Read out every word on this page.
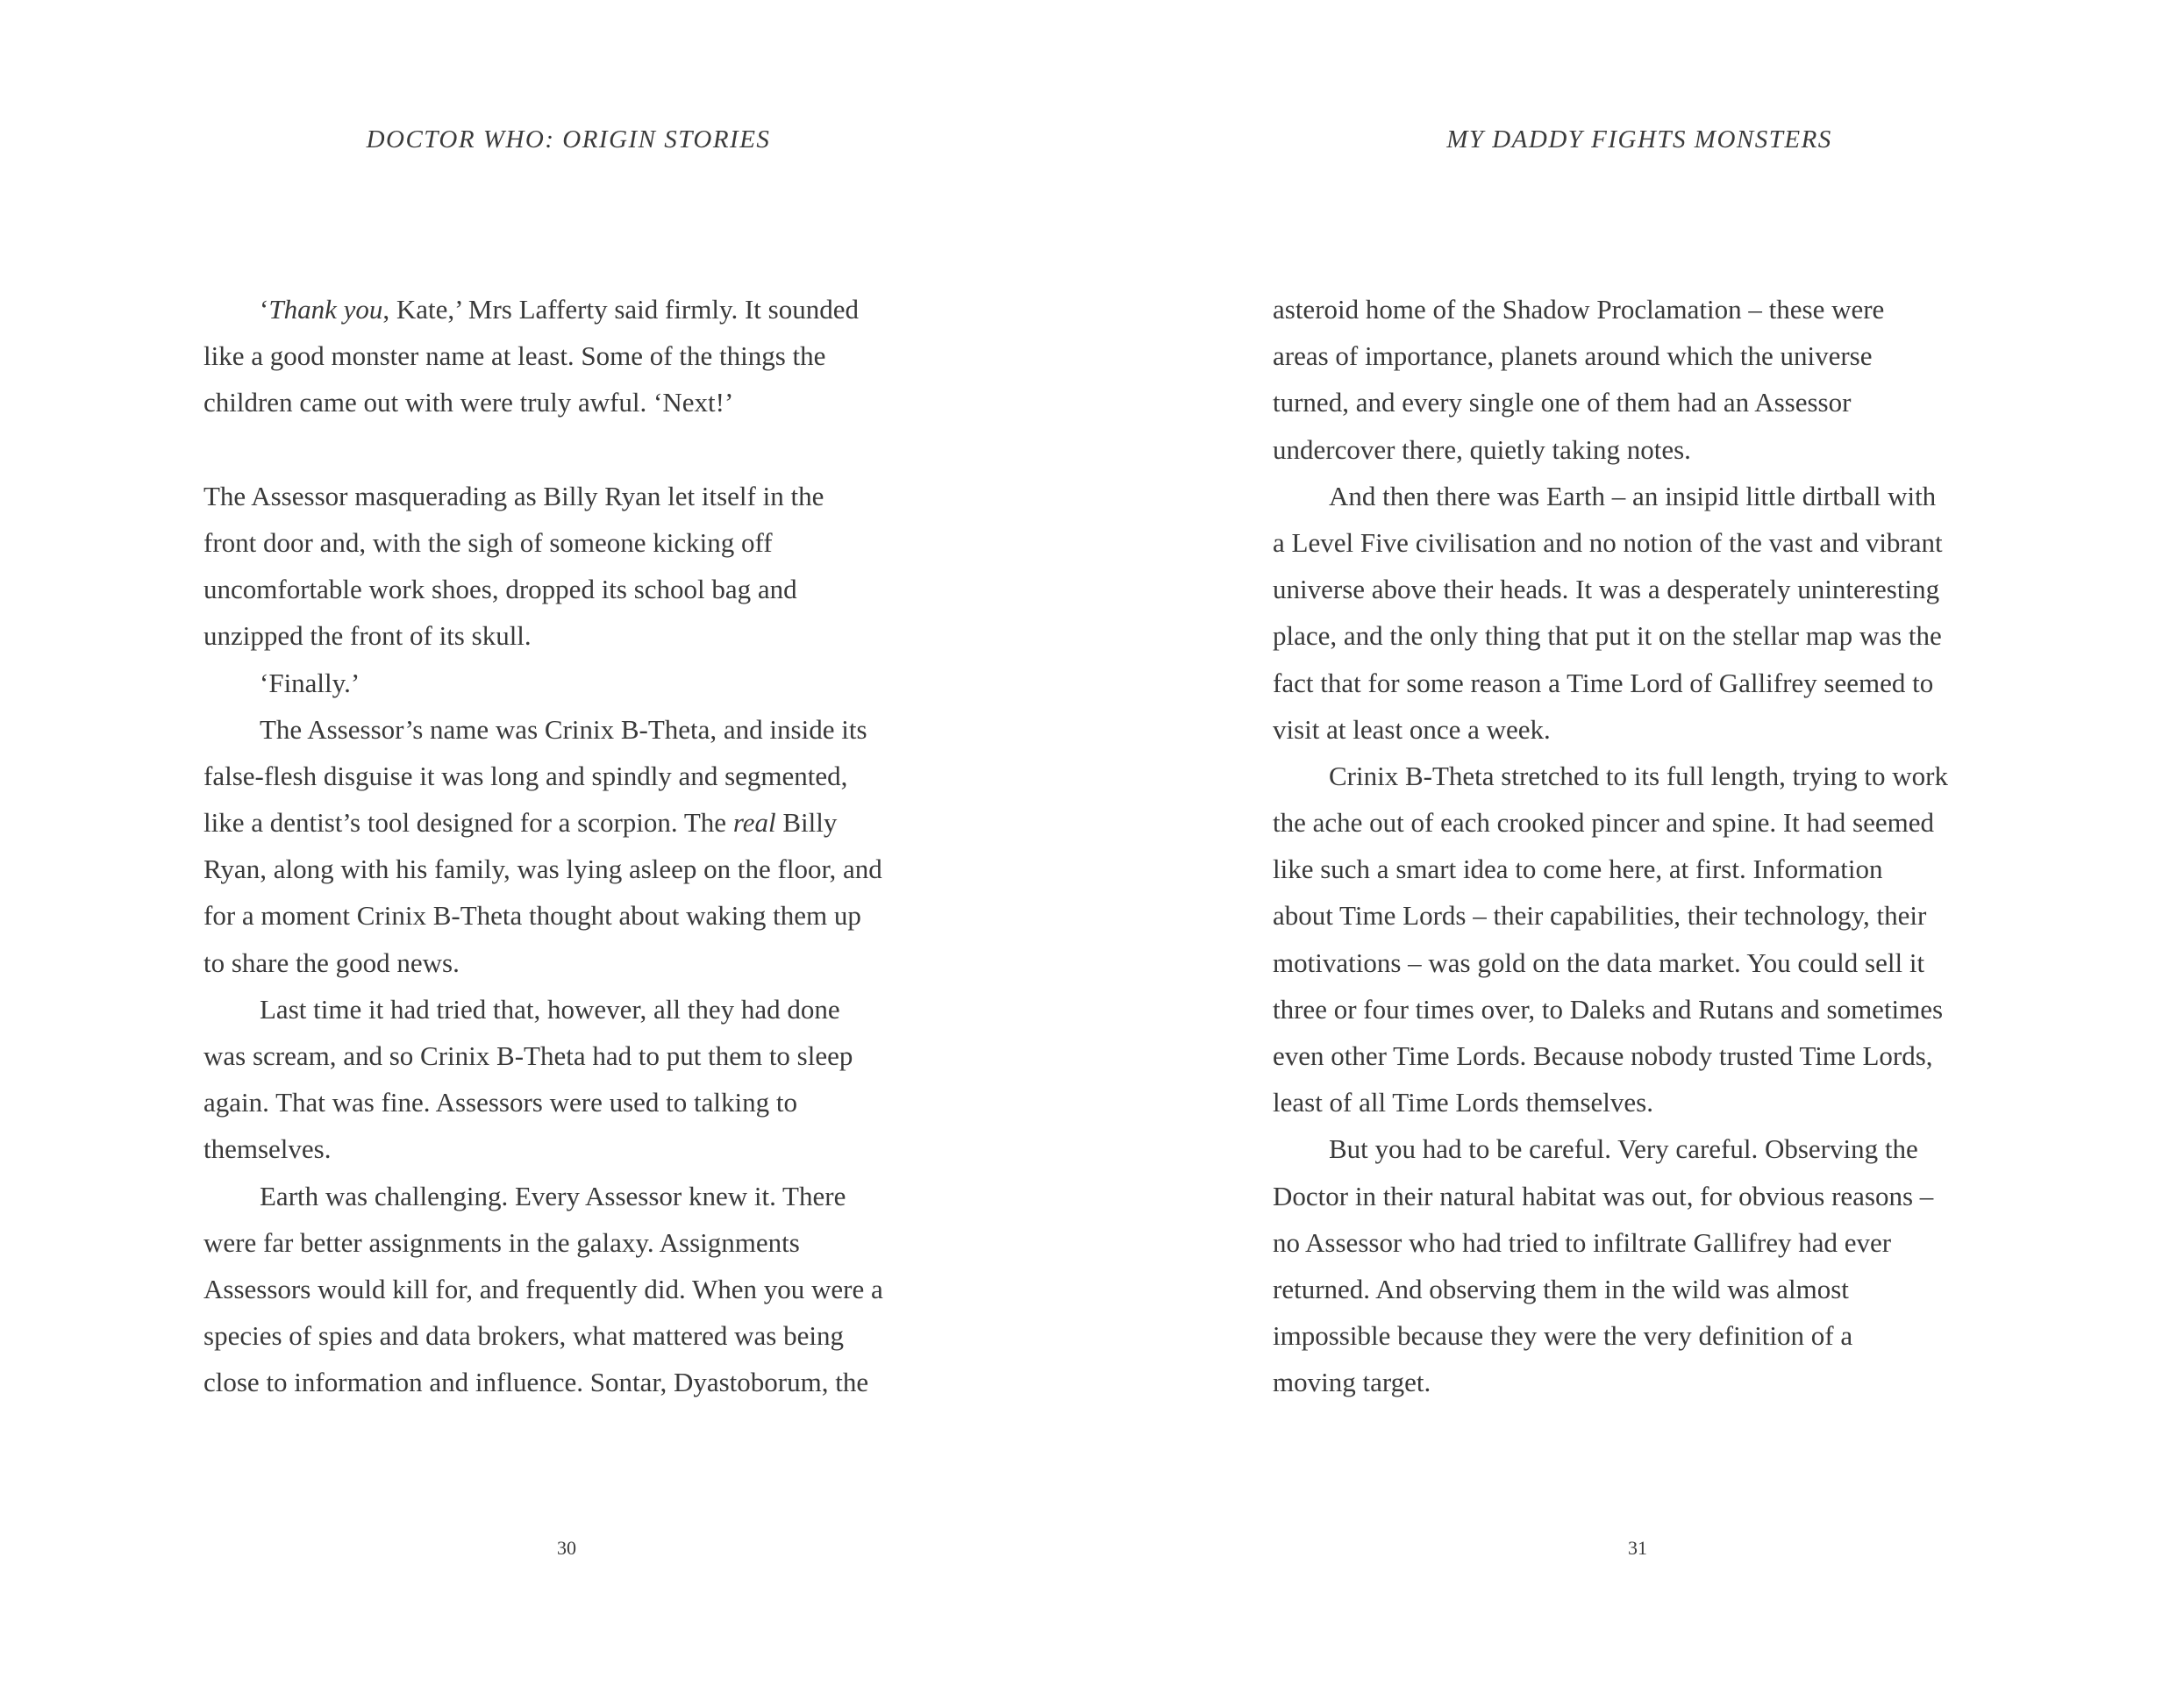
DOCTOR WHO: ORIGIN STORIES
‘Thank you, Kate,’ Mrs Lafferty said firmly. It sounded
like a good monster name at least. Some of the things the
children came out with were truly awful. ‘Next!’
The Assessor masquerading as Billy Ryan let itself in the
front door and, with the sigh of someone kicking off
uncomfortable work shoes, dropped its school bag and
unzipped the front of its skull.
‘Finally.’
The Assessor’s name was Crinix B-Theta, and inside its
false-flesh disguise it was long and spindly and segmented,
like a dentist’s tool designed for a scorpion. The real Billy
Ryan, along with his family, was lying asleep on the floor, and
for a moment Crinix B-Theta thought about waking them up
to share the good news.
Last time it had tried that, however, all they had done
was scream, and so Crinix B-Theta had to put them to sleep
again. That was fine. Assessors were used to talking to
themselves.
Earth was challenging. Every Assessor knew it. There
were far better assignments in the galaxy. Assignments
Assessors would kill for, and frequently did. When you were a
species of spies and data brokers, what mattered was being
close to information and influence. Sontar, Dyastoborum, the
30
MY DADDY FIGHTS MONSTERS
asteroid home of the Shadow Proclamation – these were
areas of importance, planets around which the universe
turned, and every single one of them had an Assessor
undercover there, quietly taking notes.
And then there was Earth – an insipid little dirtball with
a Level Five civilisation and no notion of the vast and vibrant
universe above their heads. It was a desperately uninteresting
place, and the only thing that put it on the stellar map was the
fact that for some reason a Time Lord of Gallifrey seemed to
visit at least once a week.
Crinix B-Theta stretched to its full length, trying to work
the ache out of each crooked pincer and spine. It had seemed
like such a smart idea to come here, at first. Information
about Time Lords – their capabilities, their technology, their
motivations – was gold on the data market. You could sell it
three or four times over, to Daleks and Rutans and sometimes
even other Time Lords. Because nobody trusted Time Lords,
least of all Time Lords themselves.
But you had to be careful. Very careful. Observing the
Doctor in their natural habitat was out, for obvious reasons –
no Assessor who had tried to infiltrate Gallifrey had ever
returned. And observing them in the wild was almost
impossible because they were the very definition of a
moving target.
31
